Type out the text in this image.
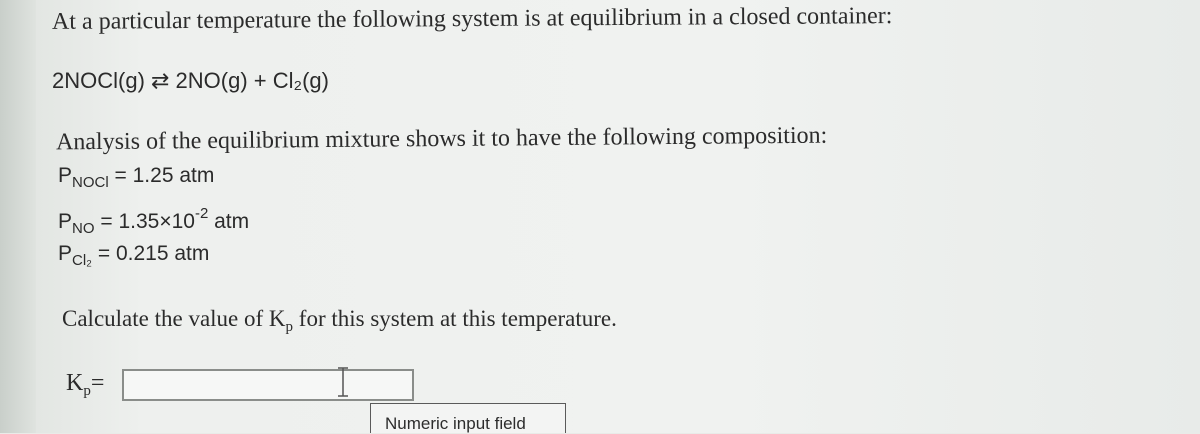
At a particular temperature the following system is at equilibrium in a closed container:
2NOCl(g) ⇄ 2NO(g) + Cl₂(g)
Analysis of the equilibrium mixture shows it to have the following composition:
$P_{NOCl} = 1.25$ atm
$P_{NO} = 1.35\times 10^{-2}$ atm
$P_{Cl_2} = 0.215$ atm
Calculate the value of $K_p$ for this system at this temperature.
$K_p=$
Numeric input field
